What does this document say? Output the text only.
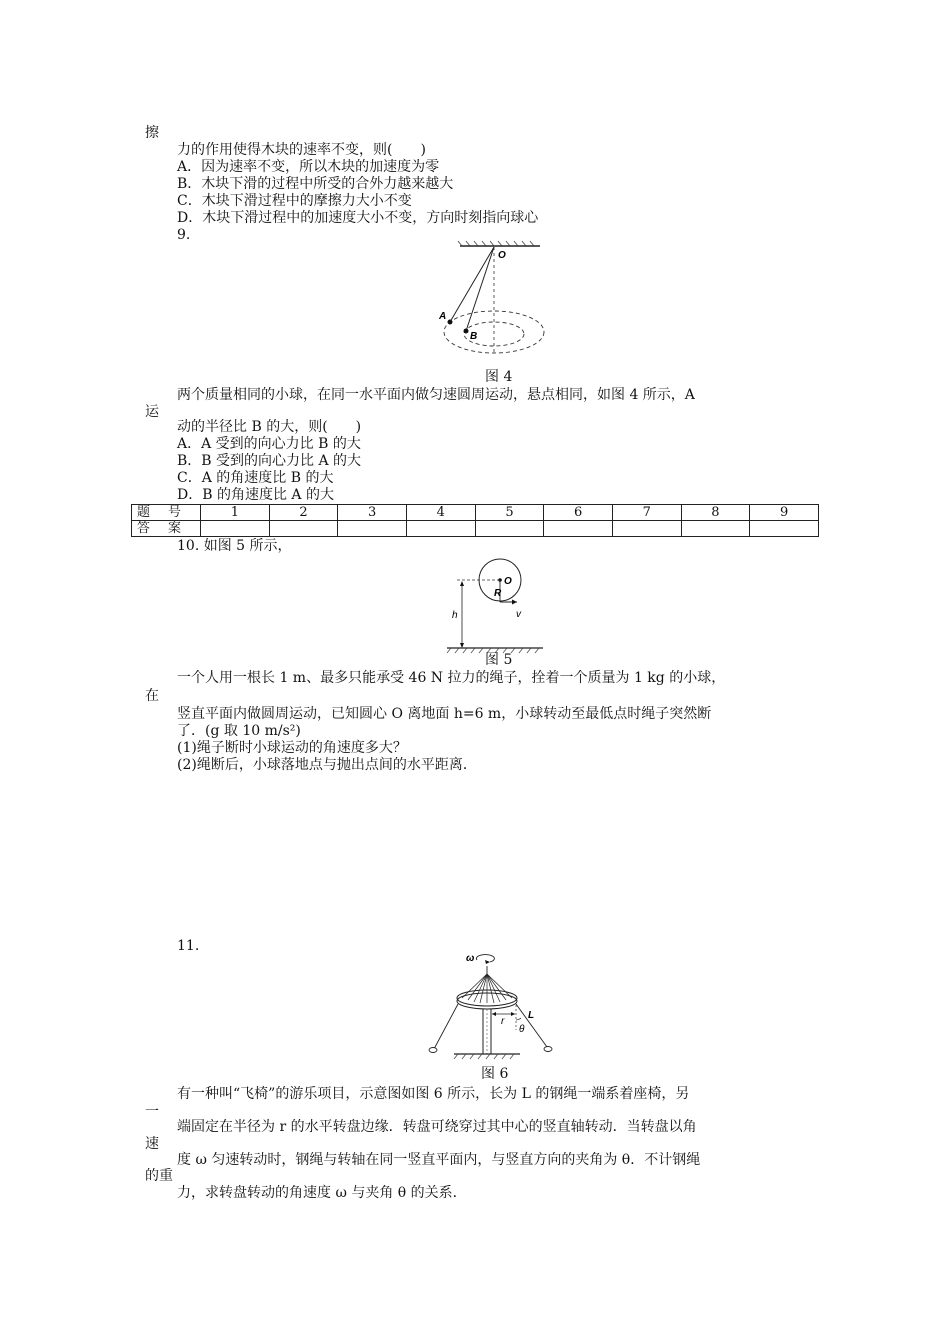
擦
力的作用使得木块的速率不变，则(　　)
A．因为速率不变，所以木块的加速度为零
B．木块下滑的过程中所受的合外力越来越大
C．木块下滑过程中的摩擦力大小不变
D．木块下滑过程中的加速度大小不变，方向时刻指向球心
9.
O
A
B
图 4
两个质量相同的小球，在同一水平面内做匀速圆周运动，悬点相同，如图 4 所示，A
运
动的半径比 B 的大，则(　　)
A．A 受到的向心力比 B 的大
B．B 受到的向心力比 A 的大
C．A 的角速度比 B 的大
D．B 的角速度比 A 的大
题号	1	2	3	4	5	6	7	8	9
答案									
10. 如图 5 所示，
O
R
h	v
图 5
一个人用一根长 1 m、最多只能承受 46 N 拉力的绳子，拴着一个质量为 1 kg 的小球，
在
竖直平面内做圆周运动，已知圆心 O 离地面 h=6 m，小球转动至最低点时绳子突然断
了．(g 取 10 m/s²)
(1)绳子断时小球运动的角速度多大？
(2)绳断后，小球落地点与抛出点间的水平距离．
11.
ω
r
L
θ
图 6
有一种叫“飞椅”的游乐项目，示意图如图 6 所示，长为 L 的钢绳一端系着座椅，另
一
端固定在半径为 r 的水平转盘边缘．转盘可绕穿过其中心的竖直轴转动．当转盘以角
速
度 ω 匀速转动时，钢绳与转轴在同一竖直平面内，与竖直方向的夹角为 θ．不计钢绳
的重
力，求转盘转动的角速度 ω 与夹角 θ 的关系．
